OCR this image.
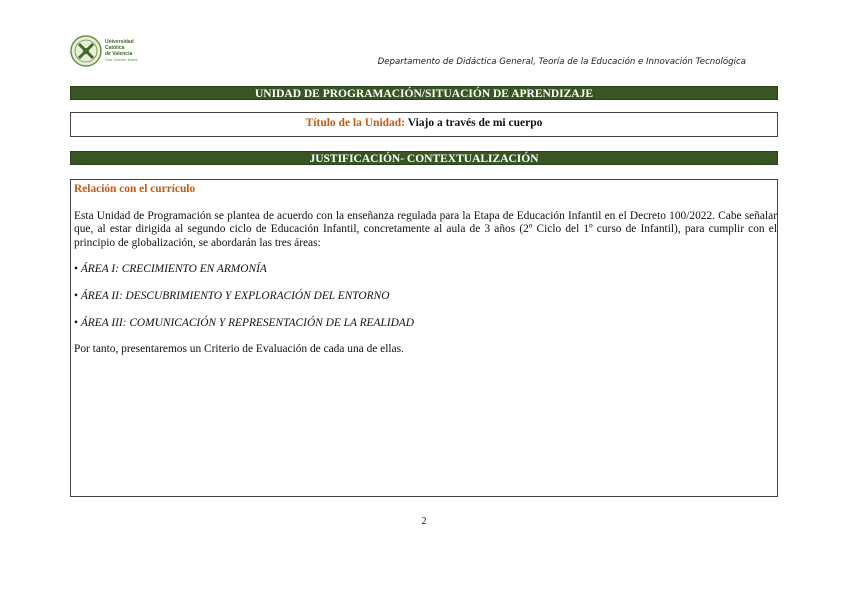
Universidad
Católica
de Valencia
San Vicente Mártir	Departamento de Didáctica General, Teoría de la Educación e Innovación Tecnológica
UNIDAD DE PROGRAMACIÓN/SITUACIÓN DE APRENDIZAJE
Título de la Unidad: Viajo a través de mi cuerpo
JUSTIFICACIÓN- CONTEXTUALIZACIÓN

Relación con el currículo

Esta Unidad de Programación se plantea de acuerdo con la enseñanza regulada para la Etapa de Educación Infantil en el Decreto 100/2022. Cabe señalar que, al estar dirigida al segundo ciclo de Educación Infantil, concretamente al aula de 3 años (2º Ciclo del 1º curso de Infantil), para cumplir con el principio de globalización, se abordarán las tres áreas:

• ÁREA I: CRECIMIENTO EN ARMONÍA

• ÁREA II: DESCUBRIMIENTO Y EXPLORACIÓN DEL ENTORNO

• ÁREA III: COMUNICACIÓN Y REPRESENTACIÓN DE LA REALIDAD

Por tanto, presentaremos un Criterio de Evaluación de cada una de ellas.

2
